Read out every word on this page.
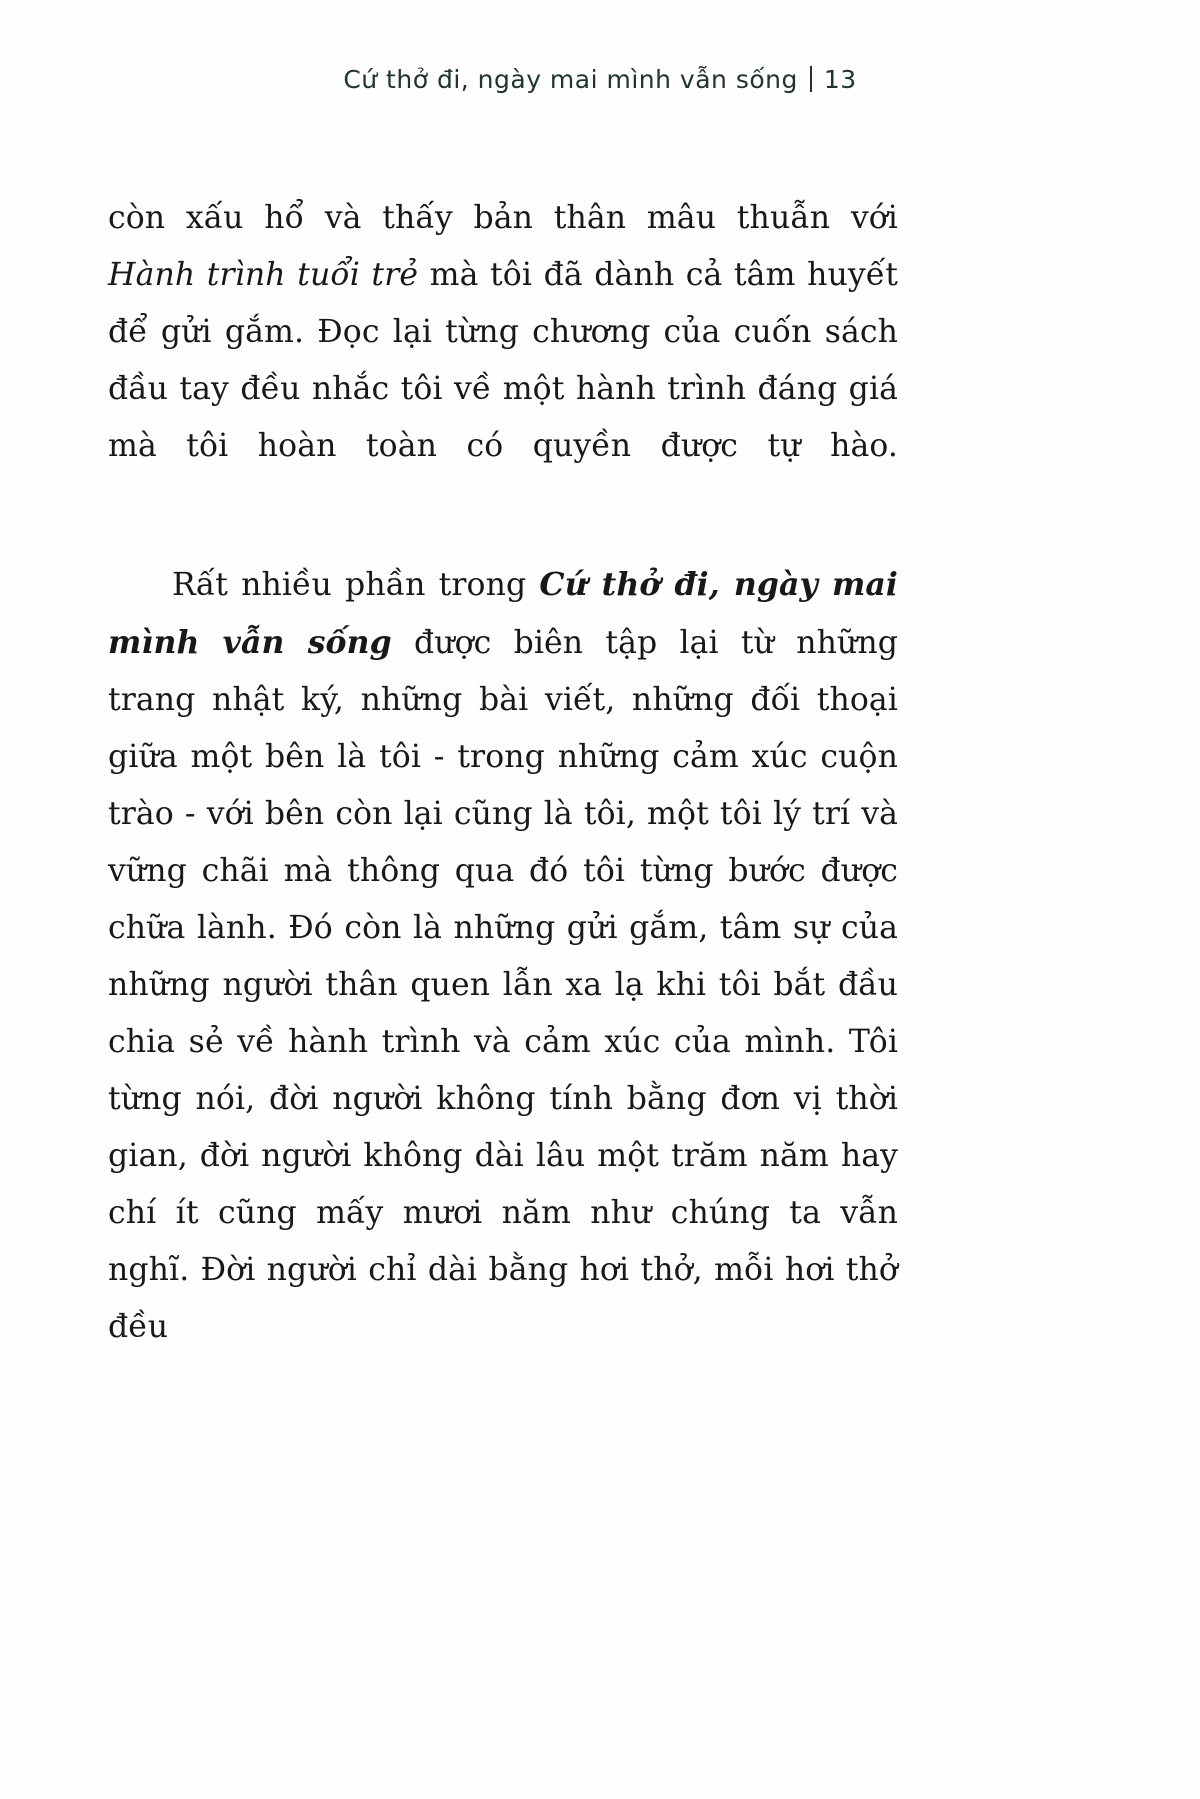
Cứ thở đi, ngày mai mình vẫn sống 13

còn xấu hổ và thấy bản thân mâu thuẫn với Hành trình tuổi trẻ mà tôi đã dành cả tâm huyết để gửi gắm. Đọc lại từng chương của cuốn sách đầu tay đều nhắc tôi về một hành trình đáng giá mà tôi hoàn toàn có quyền được tự hào.

Rất nhiều phần trong Cứ thở đi, ngày mai mình vẫn sống được biên tập lại từ những trang nhật ký, những bài viết, những đối thoại giữa một bên là tôi - trong những cảm xúc cuộn trào - với bên còn lại cũng là tôi, một tôi lý trí và vững chãi mà thông qua đó tôi từng bước được chữa lành. Đó còn là những gửi gắm, tâm sự của những người thân quen lẫn xa lạ khi tôi bắt đầu chia sẻ về hành trình và cảm xúc của mình. Tôi từng nói, đời người không tính bằng đơn vị thời gian, đời người không dài lâu một trăm năm hay chí ít cũng mấy mươi năm như chúng ta vẫn nghĩ. Đời người chỉ dài bằng hơi thở, mỗi hơi thở đều
